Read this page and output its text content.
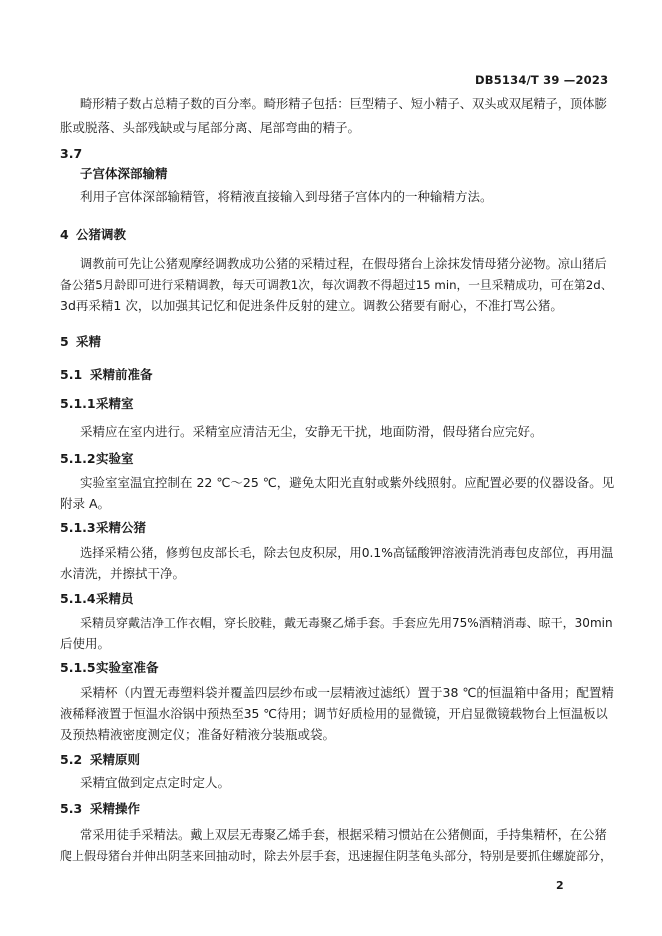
DB5134/T 39 —2023
畸形精子数占总精子数的百分率。畸形精子包括：巨型精子、短小精子、双头或双尾精子，顶体膨
胀或脱落、头部残缺或与尾部分离、尾部弯曲的精子。
3.7
子宫体深部输精
利用子宫体深部输精管，将精液直接输入到母猪子宫体内的一种输精方法。
4 公猪调教
调教前可先让公猪观摩经调教成功公猪的采精过程，在假母猪台上涂抹发情母猪分泌物。凉山猪后
备公猪5月龄即可进行采精调教，每天可调教1次，每次调教不得超过15 min，一旦采精成功，可在第2d、
3d再采精1 次，以加强其记忆和促进条件反射的建立。调教公猪要有耐心，不准打骂公猪。
5 采精
5.1 采精前准备
5.1.1采精室
采精应在室内进行。采精室应清洁无尘，安静无干扰，地面防滑，假母猪台应完好。
5.1.2实验室
实验室室温宜控制在 22 ℃～25 ℃，避免太阳光直射或紫外线照射。应配置必要的仪器设备。见
附录 A。
5.1.3采精公猪
选择采精公猪，修剪包皮部长毛，除去包皮积尿，用0.1%高锰酸钾溶液清洗消毒包皮部位，再用温
水清洗，并擦拭干净。
5.1.4采精员
采精员穿戴洁净工作衣帽，穿长胶鞋，戴无毒聚乙烯手套。手套应先用75%酒精消毒、晾干，30min
后使用。
5.1.5实验室准备
采精杯（内置无毒塑料袋并覆盖四层纱布或一层精液过滤纸）置于38 ℃的恒温箱中备用；配置精
液稀释液置于恒温水浴锅中预热至35 ℃待用；调节好质检用的显微镜，开启显微镜载物台上恒温板以
及预热精液密度测定仪；准备好精液分装瓶或袋。
5.2 采精原则
采精宜做到定点定时定人。
5.3 采精操作
常采用徒手采精法。戴上双层无毒聚乙烯手套，根据采精习惯站在公猪侧面，手持集精杯，在公猪
爬上假母猪台并伸出阴茎来回抽动时，除去外层手套，迅速握住阴茎龟头部分，特别是要抓住螺旋部分，
2
